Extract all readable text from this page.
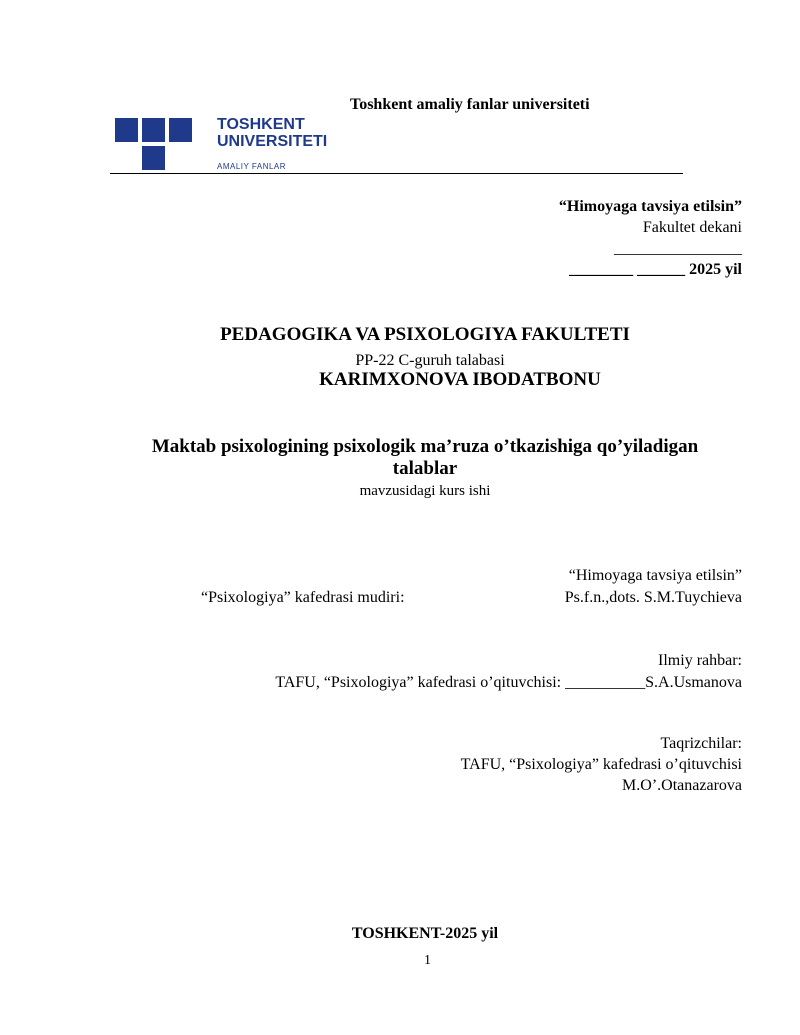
TOSHKENT
UNIVERSITETI
AMALIY FANLAR
Toshkent amaliy fanlar universiteti
“Himoyaga tavsiya etilsin”
Fakultet dekani
________________
________ ______ 2025 yil
PEDAGOGIKA VA PSIXOLOGIYA FAKULTETI
PP-22 C-guruh talabasi
KARIMXONOVA IBODATBONU
Maktab psixologining psixologik ma’ruza o’tkazishiga qo’yiladigan
talablar
mavzusidagi kurs ishi
“Himoyaga tavsiya etilsin”
“Psixologiya” kafedrasi mudiri:	Ps.f.n.,dots. S.M.Tuychieva
Ilmiy rahbar:
TAFU, “Psixologiya” kafedrasi o’qituvchisi: __________S.A.Usmanova
Taqrizchilar:
TAFU, “Psixologiya” kafedrasi o’qituvchisi
M.O’.Otanazarova
TOSHKENT-2025 yil
1
